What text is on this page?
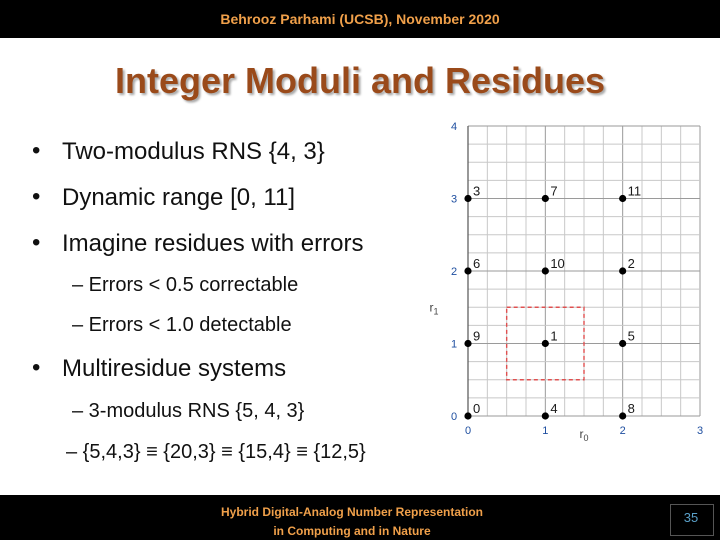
Behrooz Parhami (UCSB), November 2020
Integer Moduli and Residues
• Two-modulus RNS {4, 3}
• Dynamic range [0, 11]
• Imagine residues with errors
– Errors < 0.5 correctable
– Errors < 1.0 detectable
• Multiresidue systems
– 3-modulus RNS {5, 4, 3}
– {5,4,3} ≡ {20,3} ≡ {15,4} ≡ {12,5}
0	1	2	3
0
1
2
3
4
$r_0$
$r_1$
0	4	8
9	1	5
6	10	2
3	7	11
Hybrid Digital-Analog Number Representation
in Computing and in Nature
35
